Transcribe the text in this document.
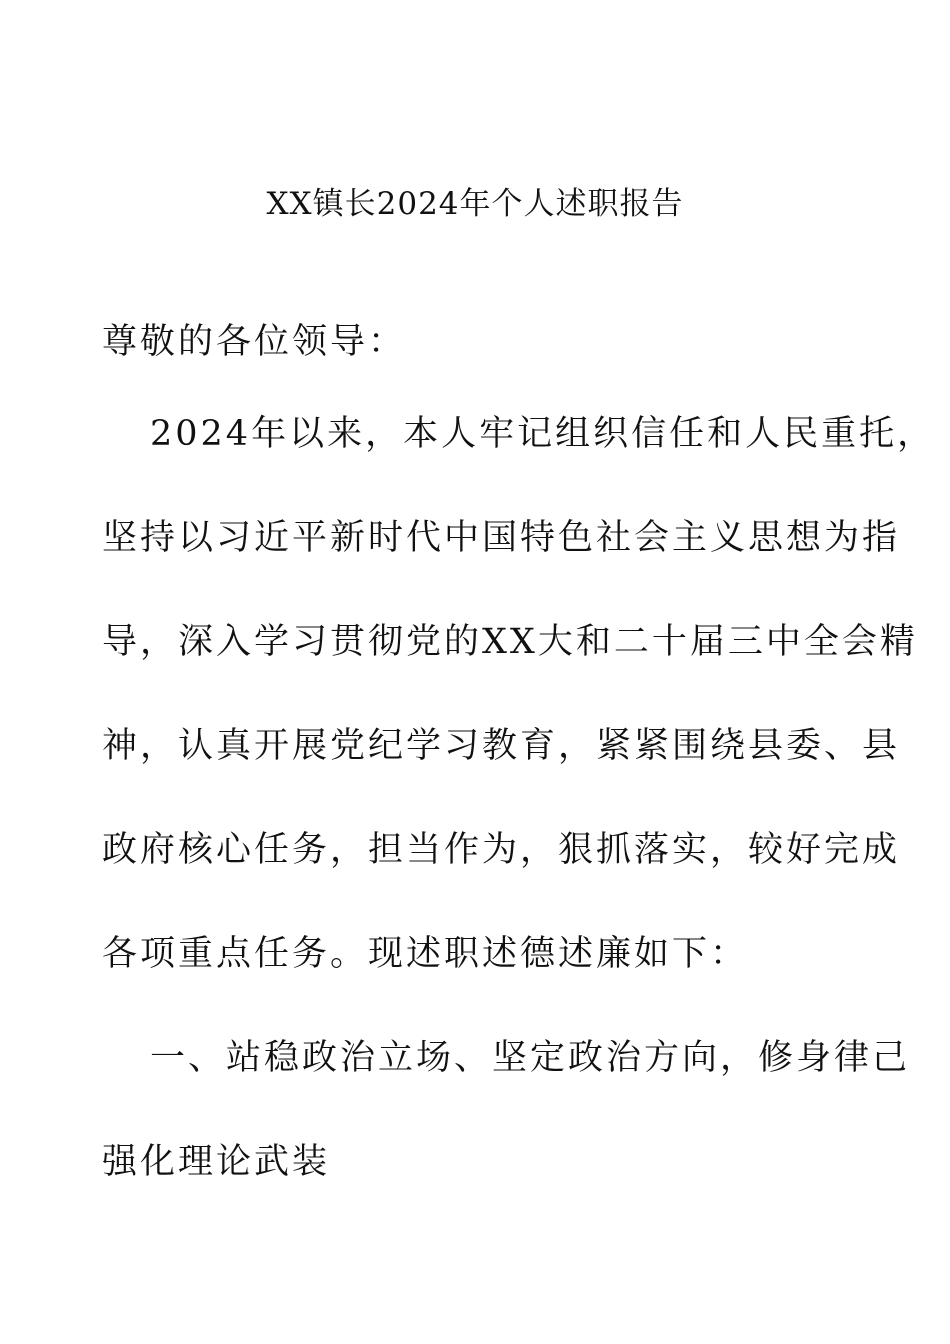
XX镇长2024年个人述职报告
尊敬的各位领导：
2024年以来，本人牢记组织信任和人民重托，
坚持以习近平新时代中国特色社会主义思想为指
导，深入学习贯彻党的XX大和二十届三中全会精
神，认真开展党纪学习教育，紧紧围绕县委、县
政府核心任务，担当作为，狠抓落实，较好完成
各项重点任务。现述职述德述廉如下：
一、站稳政治立场、坚定政治方向，修身律己
强化理论武装
